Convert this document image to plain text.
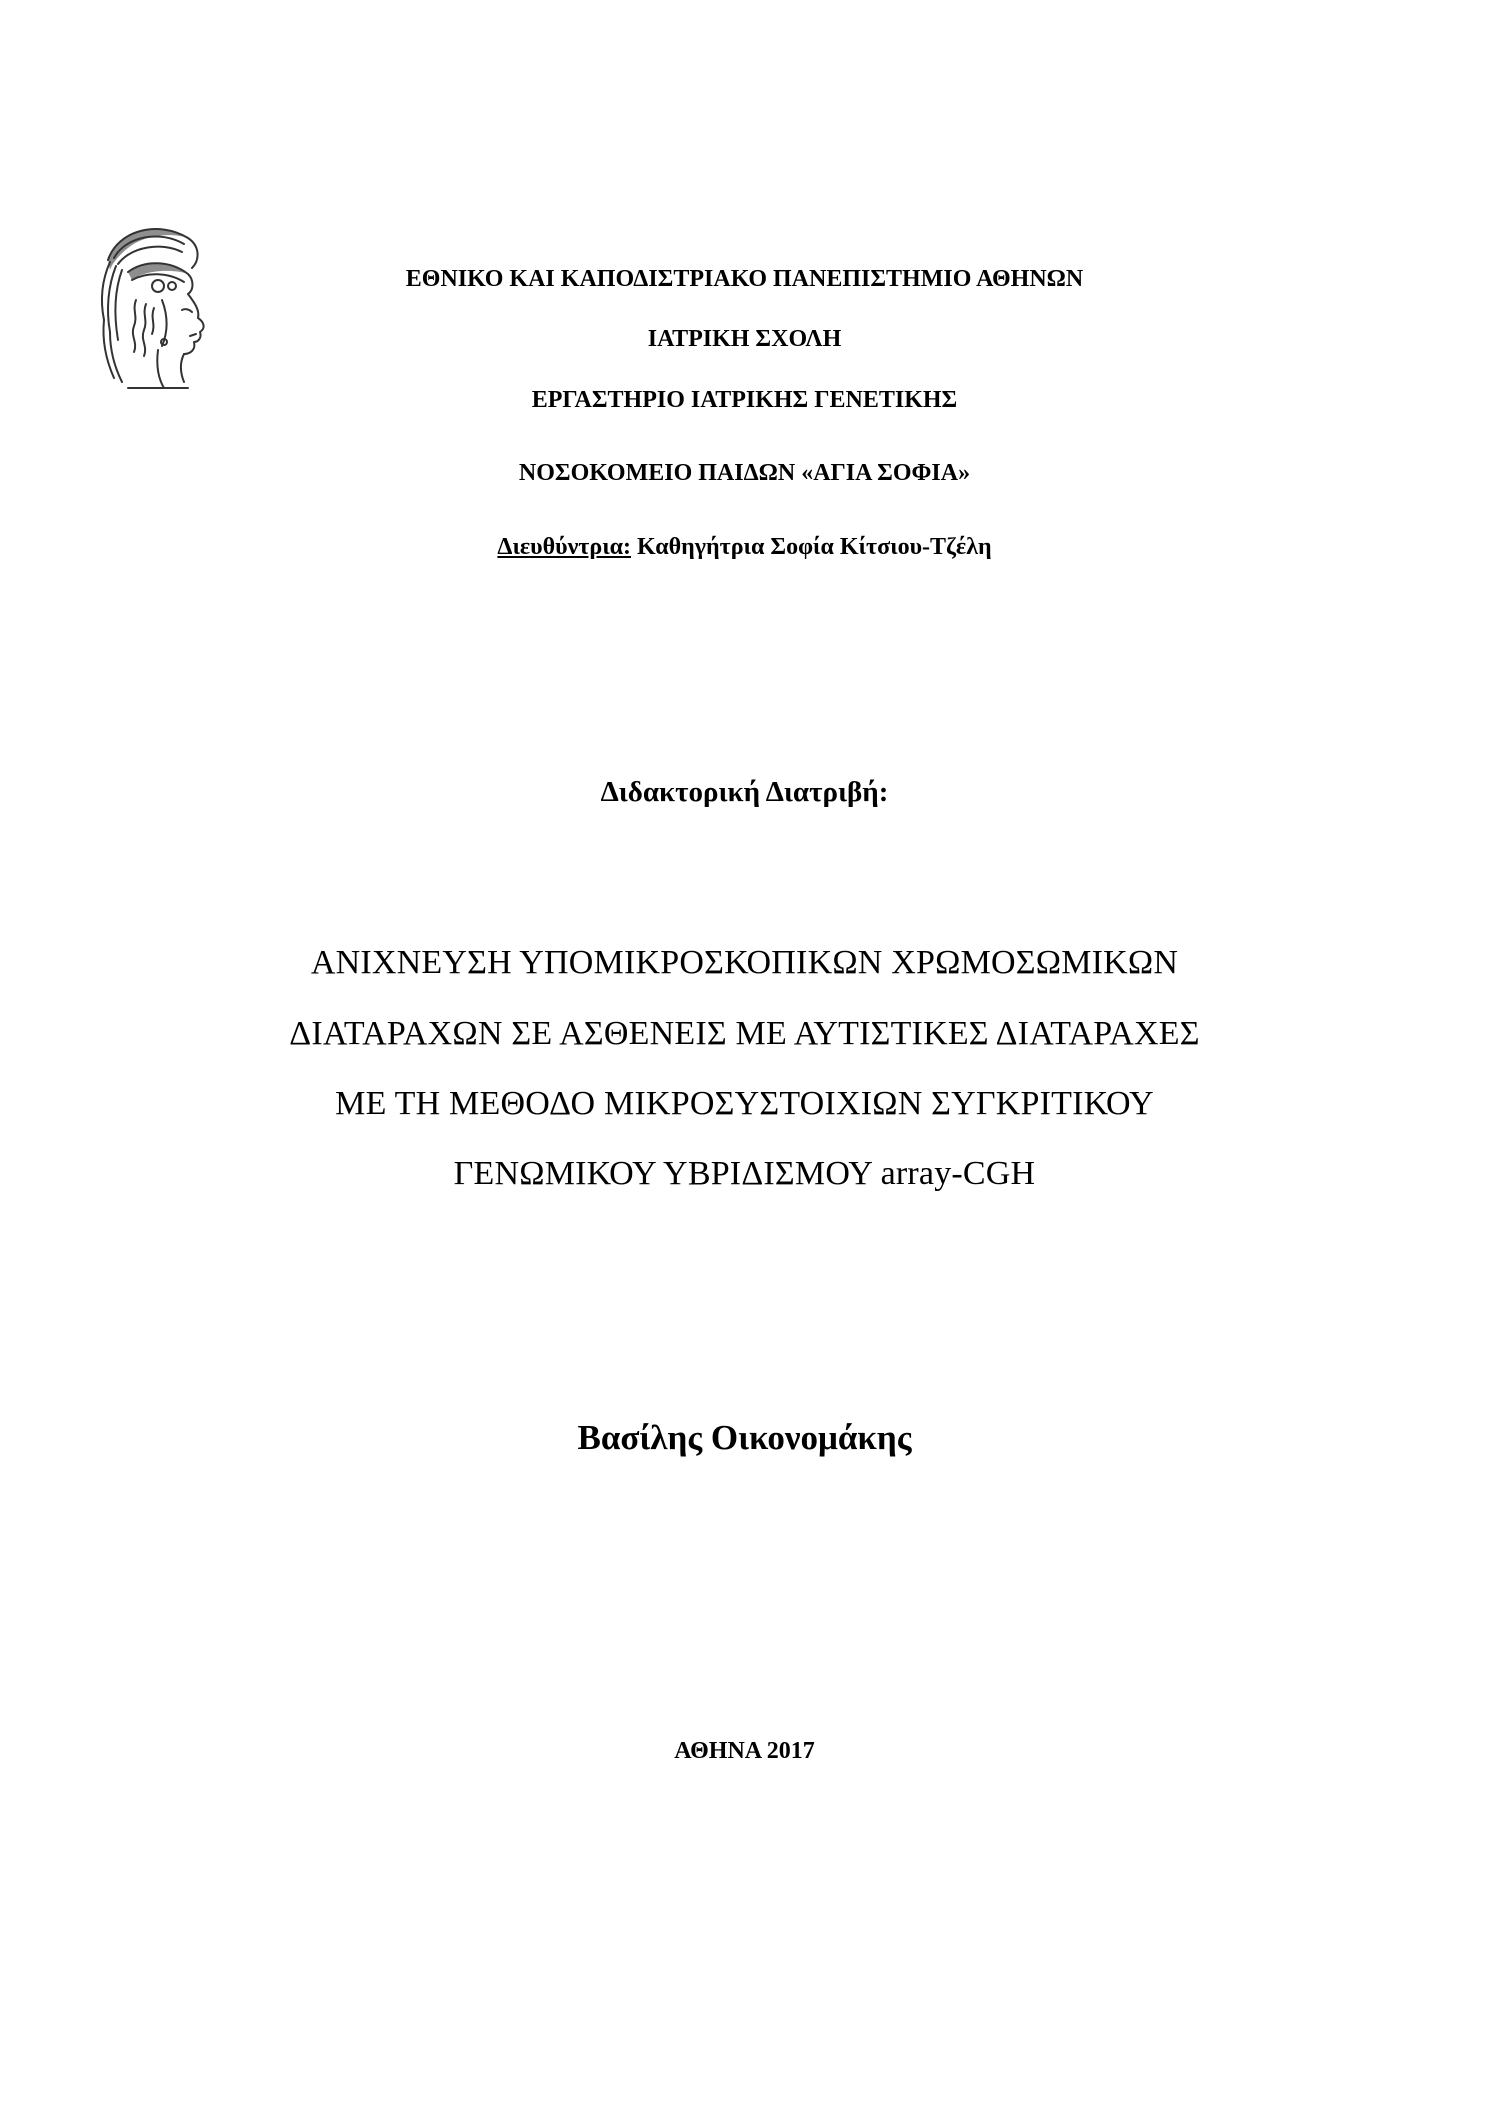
ΕΘΝΙΚΟ ΚΑΙ ΚΑΠΟΔΙΣΤΡΙΑΚΟ ΠΑΝΕΠΙΣΤΗΜΙΟ ΑΘΗΝΩΝ
ΙΑΤΡΙΚΗ ΣΧΟΛΗ
ΕΡΓΑΣΤΗΡΙΟ ΙΑΤΡΙΚΗΣ ΓΕΝΕΤΙΚΗΣ
ΝΟΣΟΚΟΜΕΙΟ ΠΑΙΔΩΝ «ΑΓΙΑ ΣΟΦΙΑ»
Διευθύντρια: Καθηγήτρια Σοφία Κίτσιου-Τζέλη
Διδακτορική Διατριβή:
ΑΝΙΧΝΕΥΣΗ ΥΠΟΜΙΚΡΟΣΚΟΠΙΚΩΝ ΧΡΩΜΟΣΩΜΙΚΩΝ
ΔΙΑΤΑΡΑΧΩΝ ΣΕ ΑΣΘΕΝΕΙΣ ΜΕ ΑΥΤΙΣΤΙΚΕΣ ΔΙΑΤΑΡΑΧΕΣ
ΜΕ ΤΗ ΜΕΘΟΔΟ ΜΙΚΡΟΣΥΣΤΟΙΧΙΩΝ ΣΥΓΚΡΙΤΙΚΟΥ
ΓΕΝΩΜΙΚΟΥ ΥΒΡΙΔΙΣΜΟΥ array-CGH
Βασίλης Οικονομάκης
ΑΘΗΝΑ 2017
